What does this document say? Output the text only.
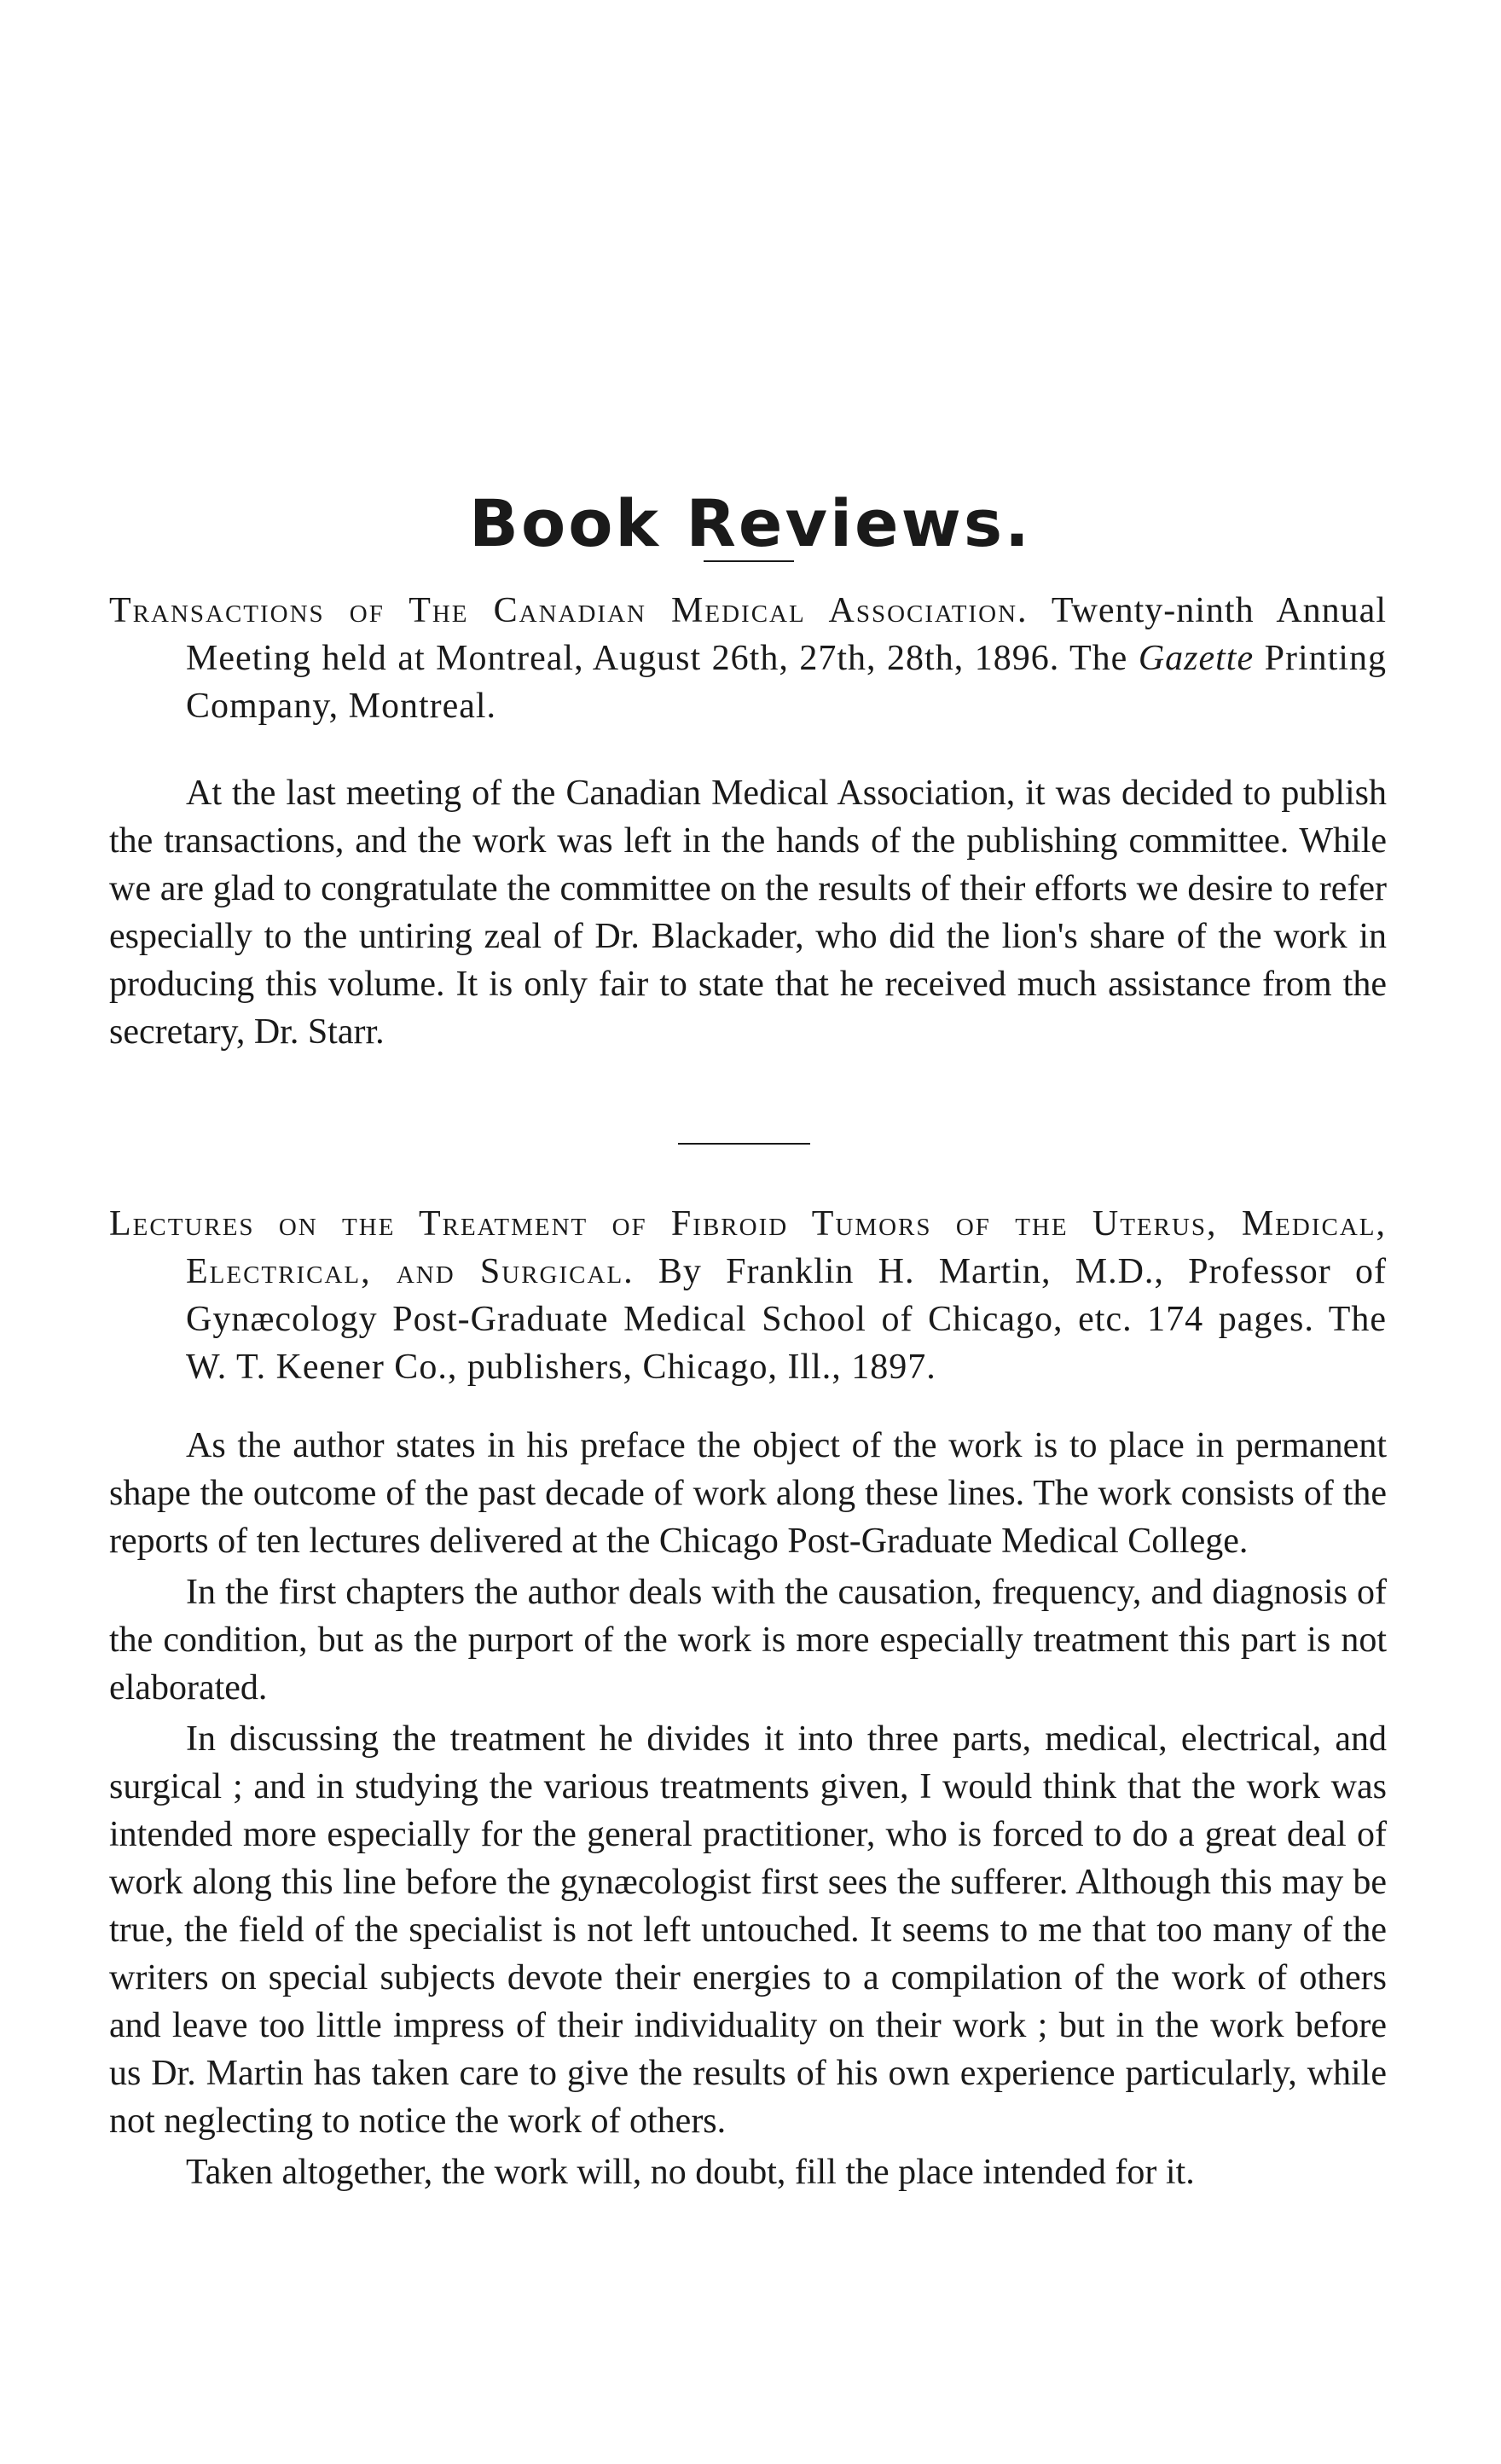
Book Reviews.

Transactions of The Canadian Medical Association. Twenty-ninth Annual Meeting held at Montreal, August 26th, 27th, 28th, 1896. The Gazette Printing Company, Montreal.

At the last meeting of the Canadian Medical Association, it was decided to publish the transactions, and the work was left in the hands of the publishing committee. While we are glad to congratulate the committee on the results of their efforts we desire to refer especially to the untiring zeal of Dr. Blackader, who did the lion's share of the work in producing this volume. It is only fair to state that he received much assistance from the secretary, Dr. Starr.

Lectures on the Treatment of Fibroid Tumors of the Uterus, Medical, Electrical, and Surgical. By Franklin H. Martin, M.D., Professor of Gynæcology Post-Graduate Medical School of Chicago, etc. 174 pages. The W. T. Keener Co., publishers, Chicago, Ill., 1897.

As the author states in his preface the object of the work is to place in permanent shape the outcome of the past decade of work along these lines. The work consists of the reports of ten lectures delivered at the Chicago Post-Graduate Medical College.

In the first chapters the author deals with the causation, frequency, and diagnosis of the condition, but as the purport of the work is more especially treatment this part is not elaborated.

In discussing the treatment he divides it into three parts, medical, electrical, and surgical ; and in studying the various treatments given, I would think that the work was intended more especially for the general practitioner, who is forced to do a great deal of work along this line before the gynæcologist first sees the sufferer. Although this may be true, the field of the specialist is not left untouched. It seems to me that too many of the writers on special subjects devote their energies to a compilation of the work of others and leave too little impress of their individuality on their work ; but in the work before us Dr. Martin has taken care to give the results of his own experience particularly, while not neglecting to notice the work of others.

Taken altogether, the work will, no doubt, fill the place intended for it.
